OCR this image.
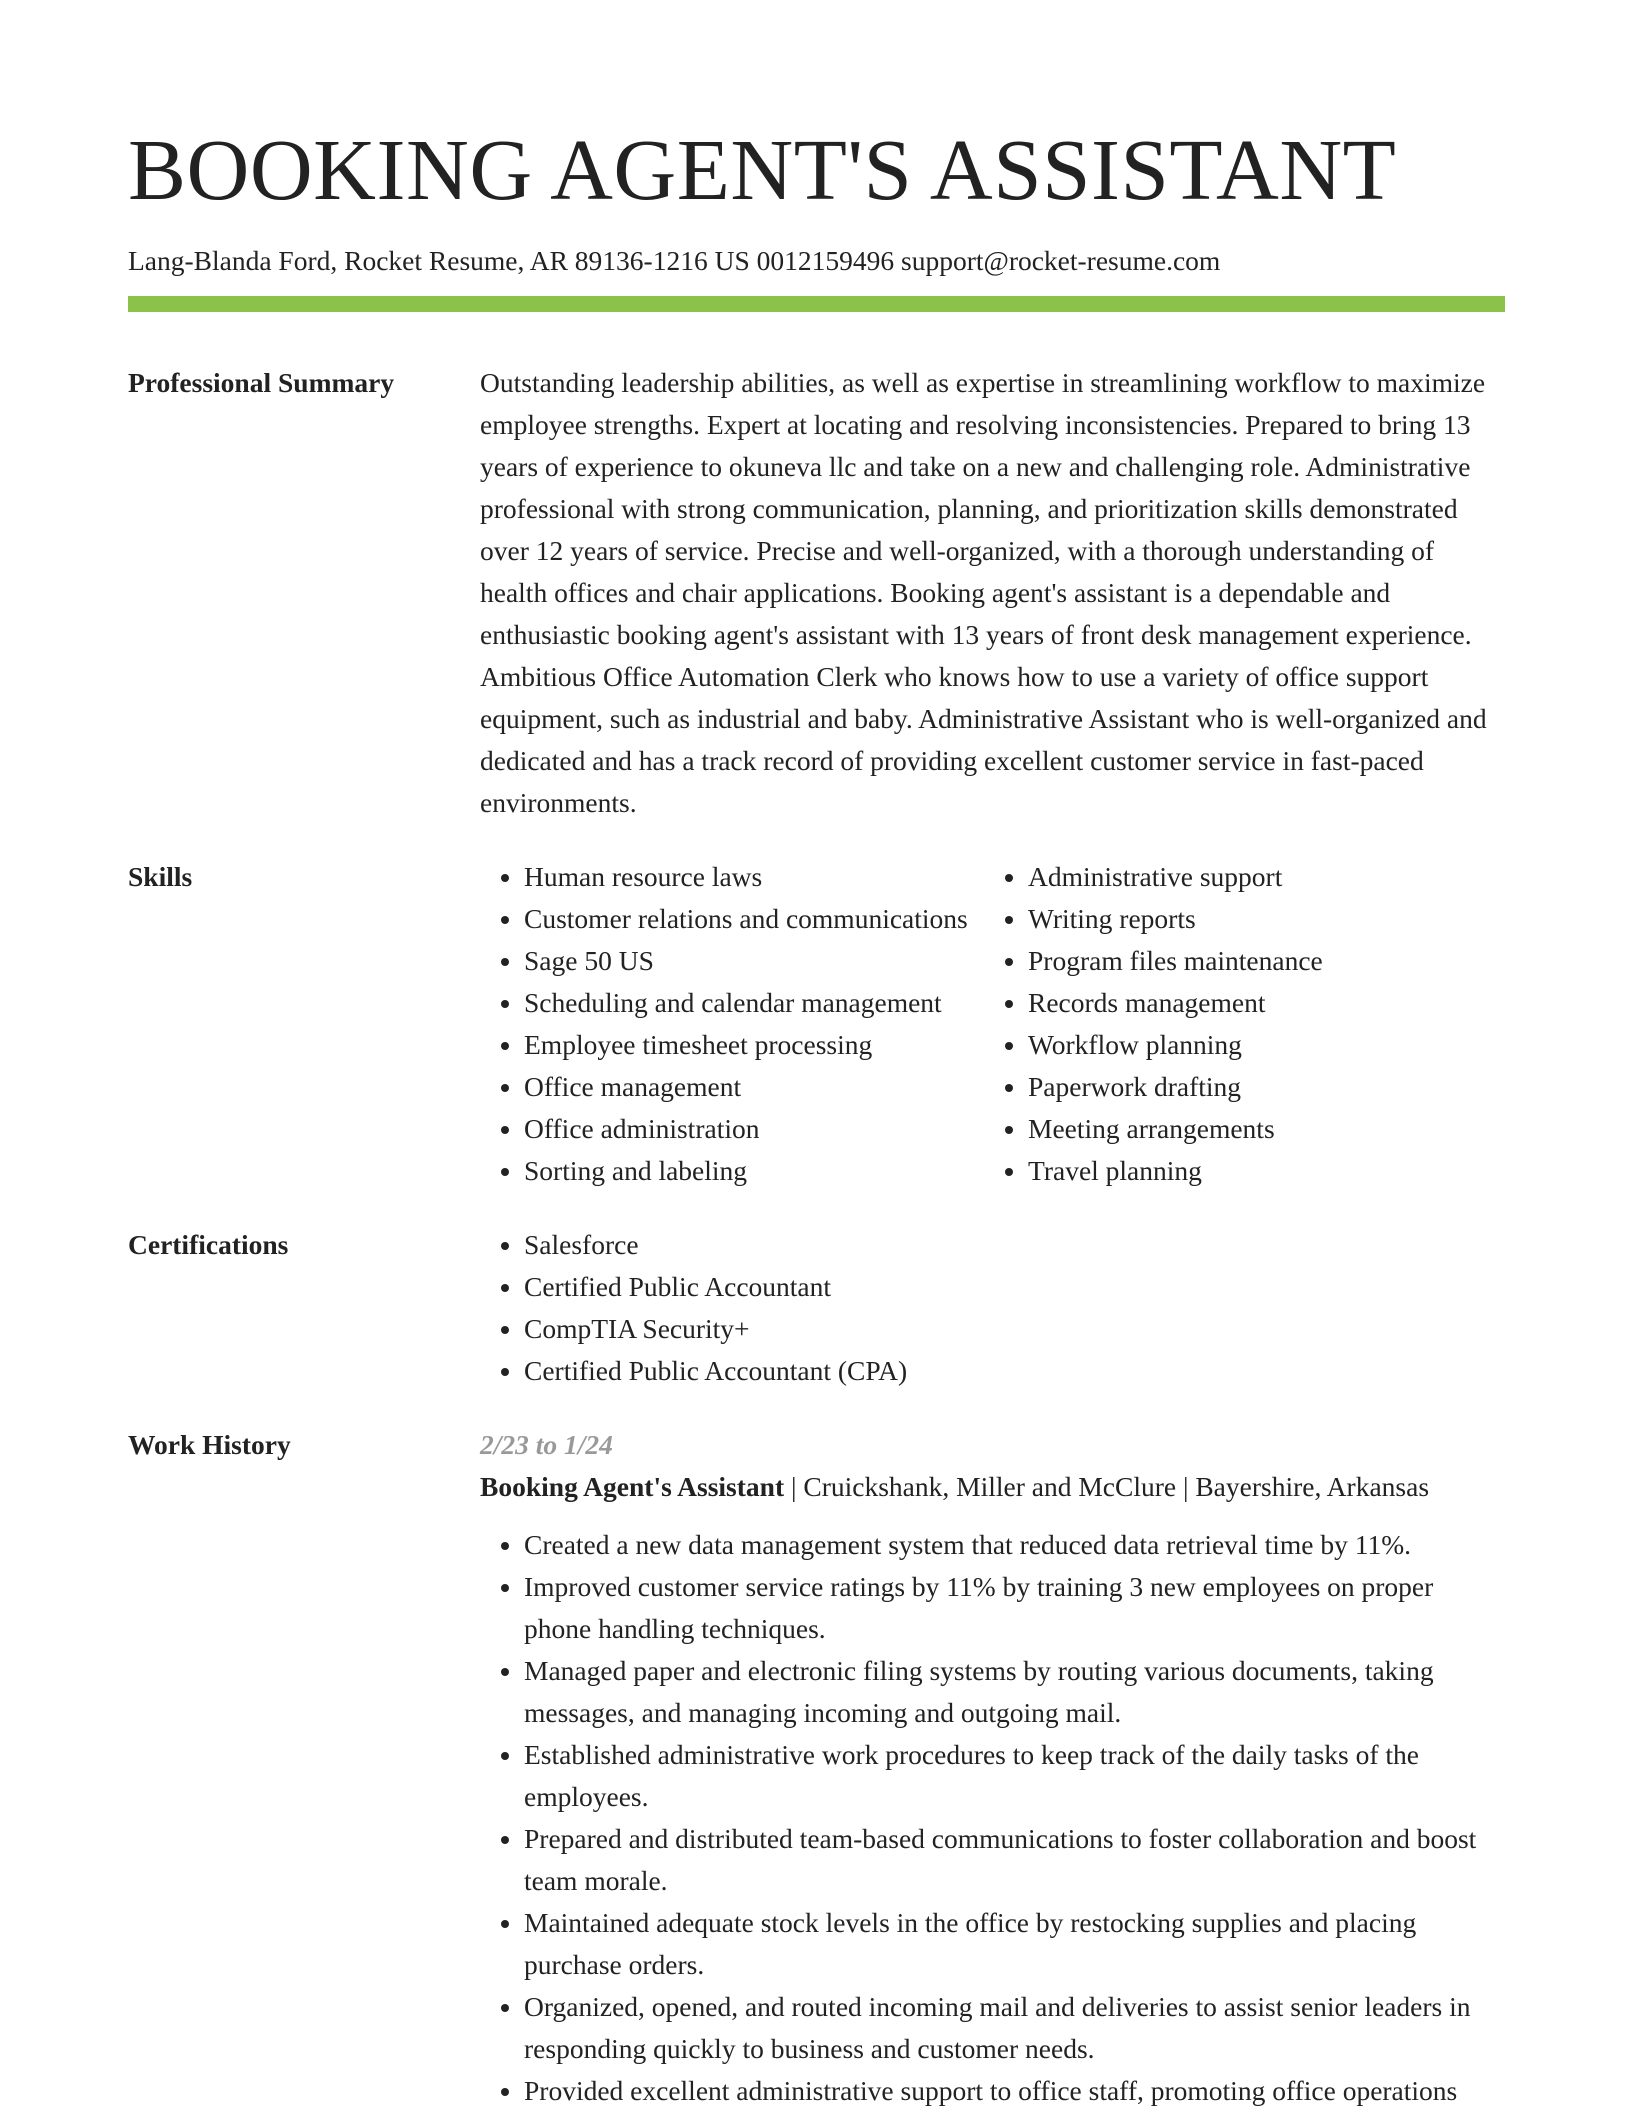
BOOKING AGENT'S ASSISTANT
Lang-Blanda Ford, Rocket Resume, AR 89136-1216 US 0012159496 support@rocket-resume.com
Professional Summary	Outstanding leadership abilities, as well as expertise in streamlining workflow to maximize employee strengths. Expert at locating and resolving inconsistencies. Prepared to bring 13 years of experience to okuneva llc and take on a new and challenging role. Administrative professional with strong communication, planning, and prioritization skills demonstrated over 12 years of service. Precise and well-organized, with a thorough understanding of health offices and chair applications. Booking agent's assistant is a dependable and enthusiastic booking agent's assistant with 13 years of front desk management experience. Ambitious Office Automation Clerk who knows how to use a variety of office support equipment, such as industrial and baby. Administrative Assistant who is well-organized and dedicated and has a track record of providing excellent customer service in fast-paced environments.

Skills	• Human resource laws
• Customer relations and communications
• Sage 50 US
• Scheduling and calendar management
• Employee timesheet processing
• Office management
• Office administration
• Sorting and labeling
• Administrative support
• Writing reports
• Program files maintenance
• Records management
• Workflow planning
• Paperwork drafting
• Meeting arrangements
• Travel planning
Certifications	• Salesforce
• Certified Public Accountant
• CompTIA Security+
• Certified Public Accountant (CPA)
Work History	2/23 to 1/24
Booking Agent's Assistant | Cruickshank, Miller and McClure | Bayershire, Arkansas
• Created a new data management system that reduced data retrieval time by 11%.
• Improved customer service ratings by 11% by training 3 new employees on proper phone handling techniques.
• Managed paper and electronic filing systems by routing various documents, taking messages, and managing incoming and outgoing mail.
• Established administrative work procedures to keep track of the daily tasks of the employees.
• Prepared and distributed team-based communications to foster collaboration and boost team morale.
• Maintained adequate stock levels in the office by restocking supplies and placing purchase orders.
• Organized, opened, and routed incoming mail and deliveries to assist senior leaders in responding quickly to business and customer needs.
• Provided excellent administrative support to office staff, promoting office operations
